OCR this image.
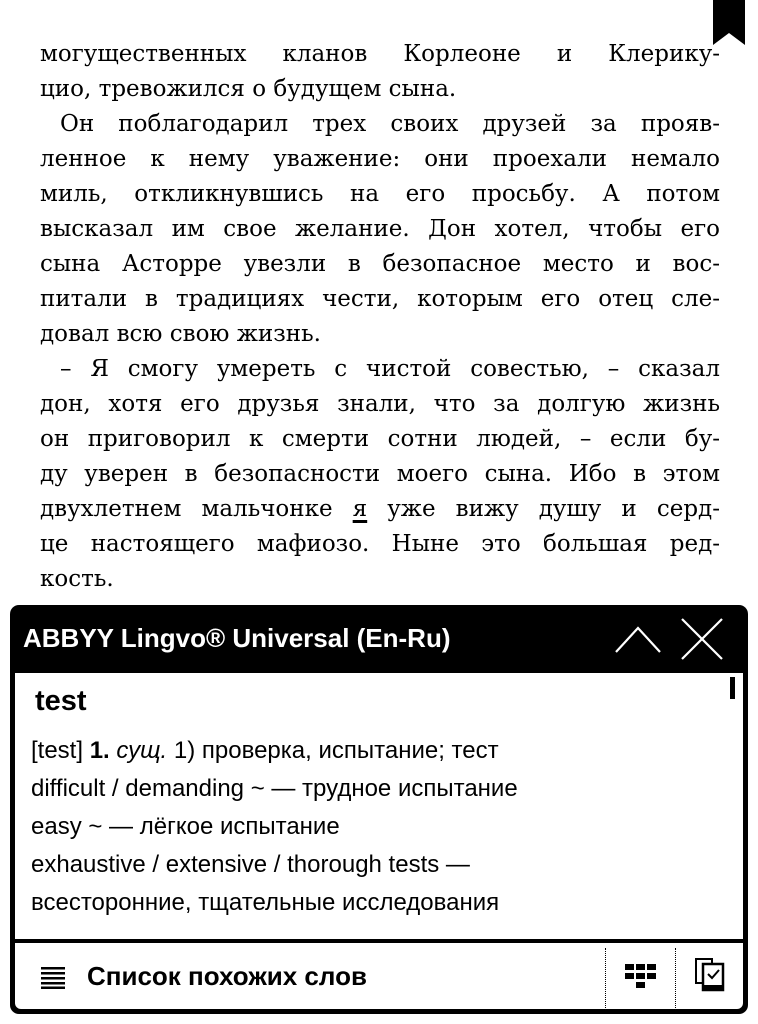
могущественных кланов Корлеоне и Клерику-
цио, тревожился о будущем сына.
Он поблагодарил трех своих друзей за прояв-
ленное к нему уважение: они проехали немало
миль, откликнувшись на его просьбу. А потом
высказал им свое желание. Дон хотел, чтобы его
сына Асторре увезли в безопасное место и вос-
питали в традициях чести, которым его отец сле-
довал всю свою жизнь.
– Я смогу умереть с чистой совестью, – сказал
дон, хотя его друзья знали, что за долгую жизнь
он приговорил к смерти сотни людей, – если бу-
ду уверен в безопасности моего сына. Ибо в этом
двухлетнем мальчонке я уже вижу душу и серд-
це настоящего мафиозо. Ныне это большая ред-
кость.
ABBYY Lingvo® Universal (En-Ru)
test
[test] 1. сущ. 1) проверка, испытание; тест
difficult / demanding ~ — трудное испытание
easy ~ — лёгкое испытание
exhaustive / extensive / thorough tests —
всесторонние, тщательные исследования
Список похожих слов
